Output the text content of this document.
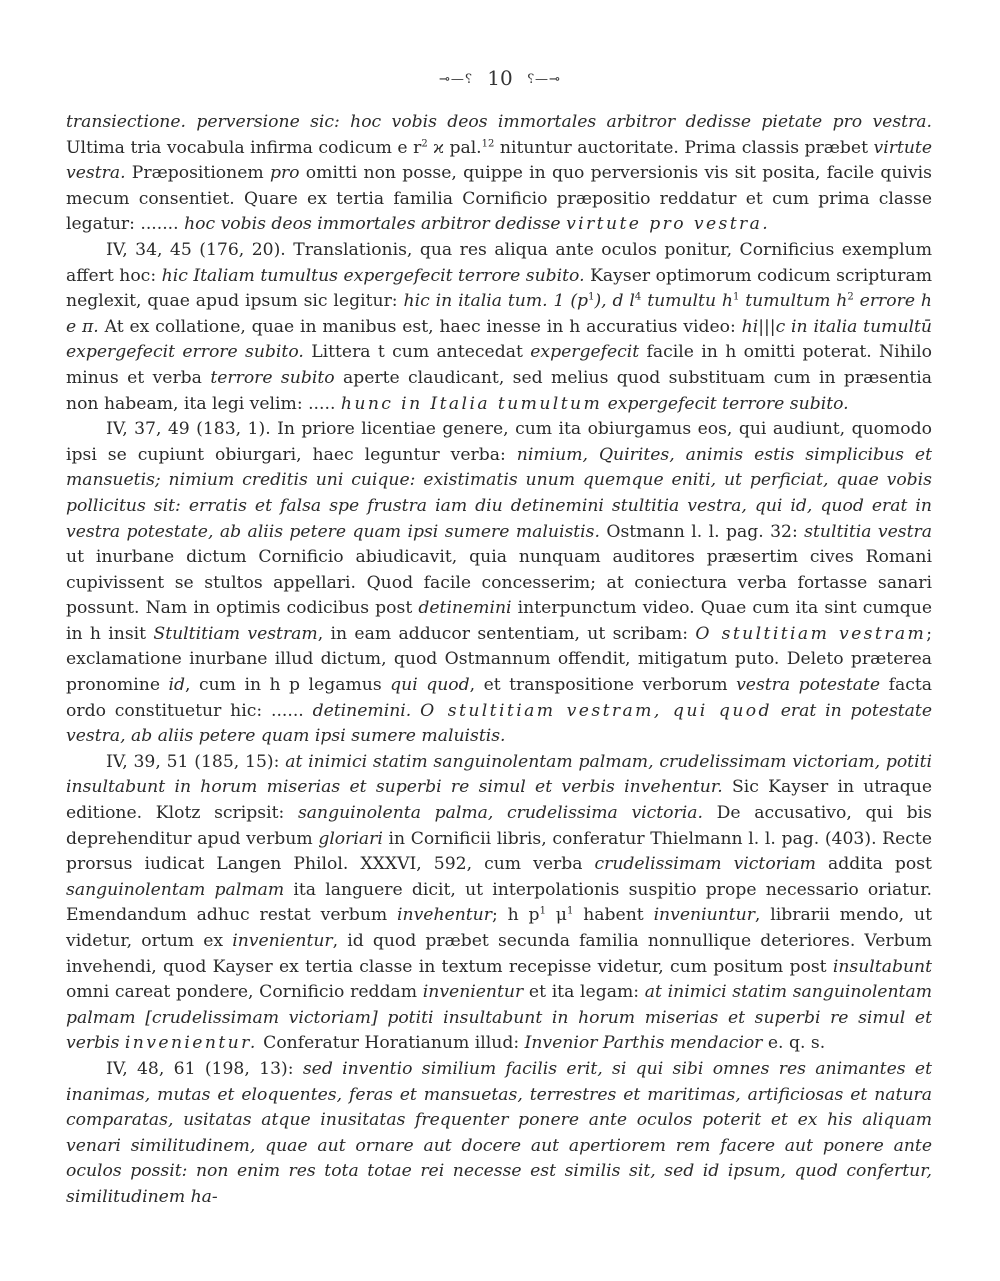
⊸—⸮ 10 ⸮—⊸

transiectione. perversione sic: hoc vobis deos immortales arbitror dedisse pietate pro vestra. Ultima tria vocabula infirma codicum e $r^2$ ϰ pal.$^{12}$ nituntur auctoritate. Prima classis præbet virtute vestra. Præpositionem pro omitti non posse, quippe in quo perversionis vis sit posita, facile quivis mecum consentiet. Quare ex tertia familia Cornificio præpositio reddatur et cum prima classe legatur: ....... hoc vobis deos immortales arbitror dedisse virtute pro vestra.

IV, 34, 45 (176, 20). Translationis, qua res aliqua ante oculos ponitur, Cornificius exemplum affert hoc: hic Italiam tumultus expergefecit terrore subito. Kayser optimorum codicum scripturam neglexit, quae apud ipsum sic legitur: hic in italia tum. 1 $(p^1)$, d $l^4$ tumultu $h^1$ tumultum $h^2$ errore h e π. At ex collatione, quae in manibus est, haec inesse in h accuratius video: hi|||c in italia tumultū expergefecit errore subito. Littera t cum antecedat expergefecit facile in h omitti poterat. Nihilo minus et verba terrore subito aperte claudicant, sed melius quod substituam cum in præsentia non habeam, ita legi velim: ..... hunc in Italia tumultum expergefecit terrore subito.

IV, 37, 49 (183, 1). In priore licentiae genere, cum ita obiurgamus eos, qui audiunt, quomodo ipsi se cupiunt obiurgari, haec leguntur verba: nimium, Quirites, animis estis simplicibus et mansuetis; nimium creditis uni cuique: existimatis unum quemque eniti, ut perficiat, quae vobis pollicitus sit: erratis et falsa spe frustra iam diu detinemini stultitia vestra, qui id, quod erat in vestra potestate, ab aliis petere quam ipsi sumere maluistis. Ostmann l. l. pag. 32: stultitia vestra ut inurbane dictum Cornificio abiudicavit, quia nunquam auditores præsertim cives Romani cupivissent se stultos appellari. Quod facile concesserim; at coniectura verba fortasse sanari possunt. Nam in optimis codicibus post detinemini interpunctum video. Quae cum ita sint cumque in h insit Stultitiam vestram, in eam adducor sententiam, ut scribam: O stultitiam vestram; exclamatione inurbane illud dictum, quod Ostmannum offendit, mitigatum puto. Deleto præterea pronomine id, cum in h p legamus qui quod, et transpositione verborum vestra potestate facta ordo constituetur hic: ...... detinemini. O stultitiam vestram, qui quod erat in potestate vestra, ab aliis petere quam ipsi sumere maluistis.

IV, 39, 51 (185, 15): at inimici statim sanguinolentam palmam, crudelissimam victoriam, potiti insultabunt in horum miserias et superbi re simul et verbis invehentur. Sic Kayser in utraque editione. Klotz scripsit: sanguinolenta palma, crudelissima victoria. De accusativo, qui bis deprehenditur apud verbum gloriari in Cornificii libris, conferatur Thielmann l. l. pag. (403). Recte prorsus iudicat Langen Philol. XXXVI, 592, cum verba crudelissimam victoriam addita post sanguinolentam palmam ita languere dicit, ut interpolationis suspitio prope necessario oriatur. Emendandum adhuc restat verbum invehentur; h $p^1$ $\mu^1$ habent inveniuntur, librarii mendo, ut videtur, ortum ex invenientur, id quod præbet secunda familia nonnullique deteriores. Verbum invehendi, quod Kayser ex tertia classe in textum recepisse videtur, cum positum post insultabunt omni careat pondere, Cornificio reddam invenientur et ita legam: at inimici statim sanguinolentam palmam [crudelissimam victoriam] potiti insultabunt in horum miserias et superbi re simul et verbis invenientur. Conferatur Horatianum illud: Invenior Parthis mendacior e. q. s.

IV, 48, 61 (198, 13): sed inventio similium facilis erit, si qui sibi omnes res animantes et inanimas, mutas et eloquentes, feras et mansuetas, terrestres et maritimas, artificiosas et natura comparatas, usitatas atque inusitatas frequenter ponere ante oculos poterit et ex his aliquam venari similitudinem, quae aut ornare aut docere aut apertiorem rem facere aut ponere ante oculos possit: non enim res tota totae rei necesse est similis sit, sed id ipsum, quod confertur, similitudinem ha-
